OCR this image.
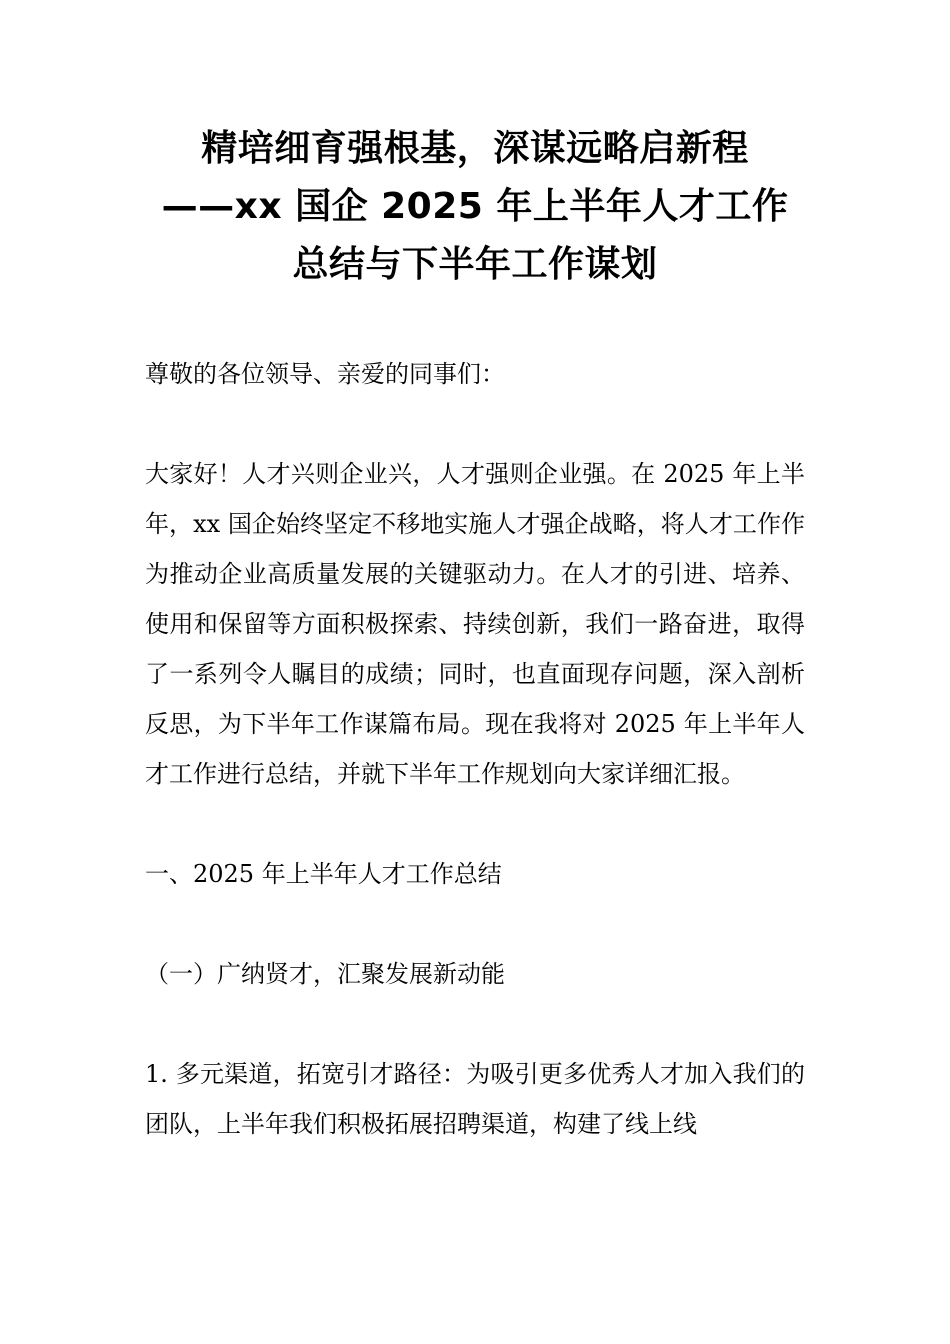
精培细育强根基，深谋远略启新程
——xx 国企 2025 年上半年人才工作
总结与下半年工作谋划

尊敬的各位领导、亲爱的同事们：

大家好！人才兴则企业兴，人才强则企业强。在 2025 年上半年，xx 国企始终坚定不移地实施人才强企战略，将人才工作作为推动企业高质量发展的关键驱动力。在人才的引进、培养、使用和保留等方面积极探索、持续创新，我们一路奋进，取得了一系列令人瞩目的成绩；同时，也直面现存问题，深入剖析反思，为下半年工作谋篇布局。现在我将对 2025 年上半年人才工作进行总结，并就下半年工作规划向大家详细汇报。

一、2025 年上半年人才工作总结

（一）广纳贤才，汇聚发展新动能

1. 多元渠道，拓宽引才路径：为吸引更多优秀人才加入我们的团队，上半年我们积极拓展招聘渠道，构建了线上线
